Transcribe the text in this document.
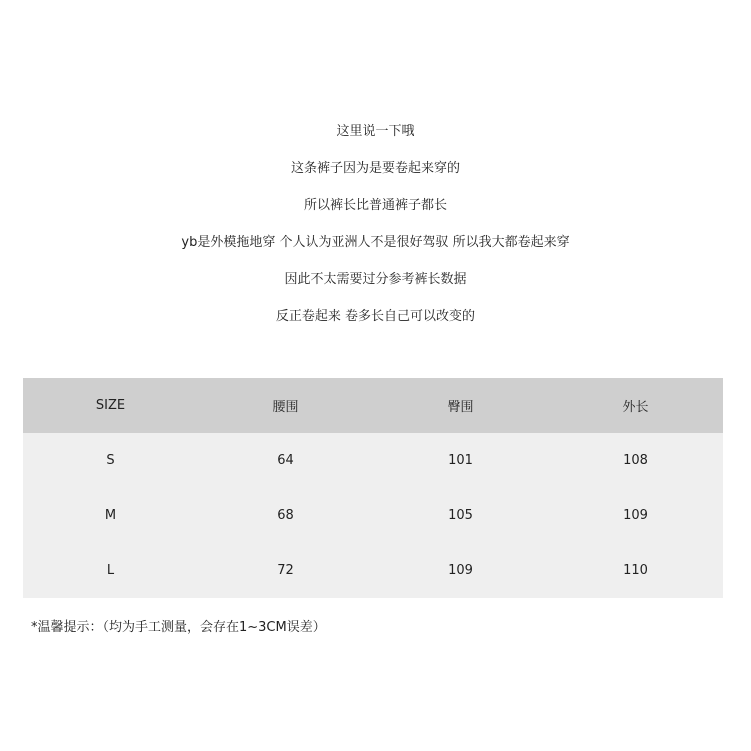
这里说一下哦
这条裤子因为是要卷起来穿的
所以裤长比普通裤子都长
yb是外模拖地穿 个人认为亚洲人不是很好驾驭 所以我大都卷起来穿
因此不太需要过分参考裤长数据
反正卷起来 卷多长自己可以改变的
SIZE	腰围	臀围	外长
S	64	101	108
M	68	105	109
L	72	109	110
*温馨提示：（均为手工测量，会存在1~3CM误差）
